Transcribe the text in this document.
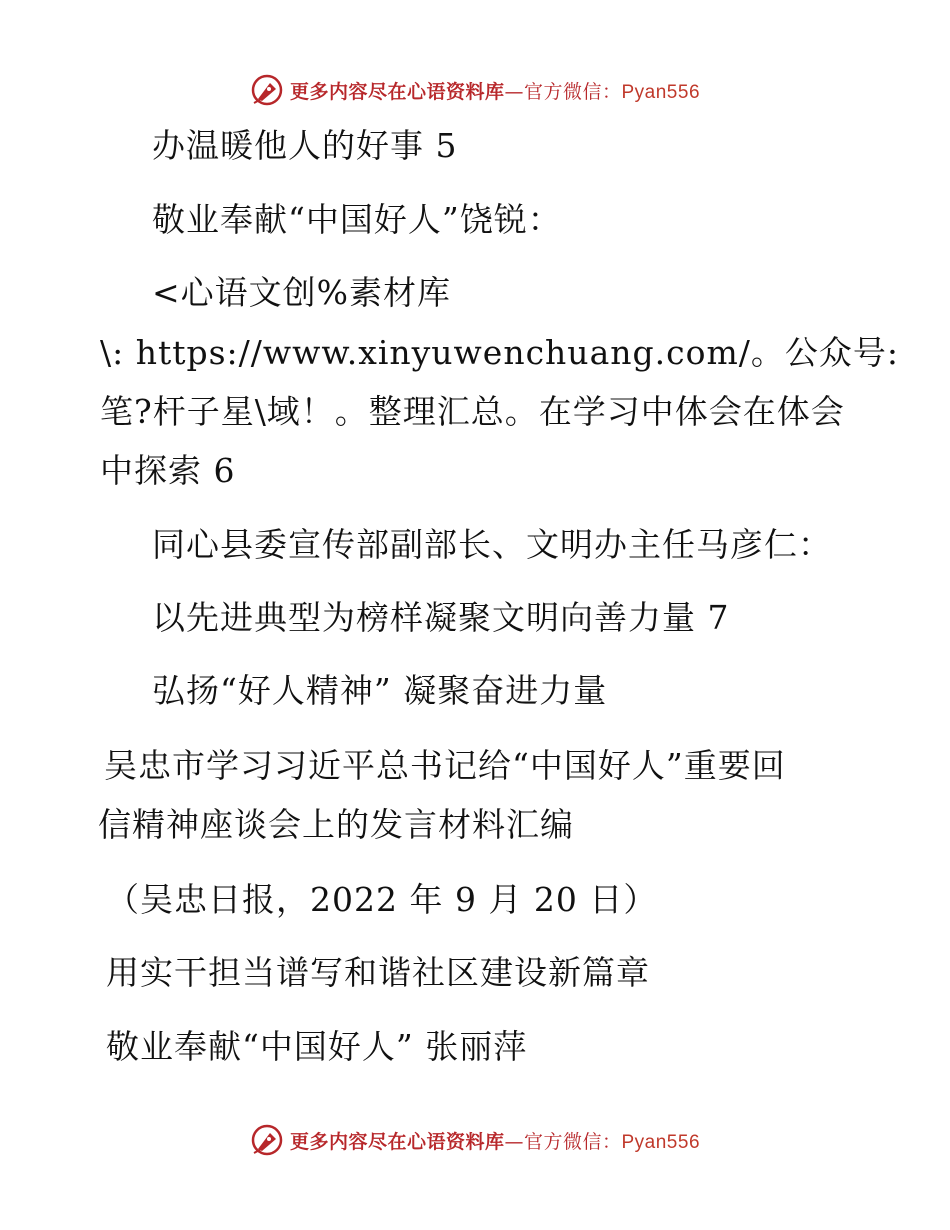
更多内容尽在心语资料库—官方微信：Pyan556
办温暖他人的好事 5
敬业奉献“中国好人”饶锐：
<心语文创%素材库
\: https://www.xinyuwenchuang.com/。公众号:
笔?杆子星\域！。整理汇总。在学习中体会在体会
中探索 6
同心县委宣传部副部长、文明办主任马彦仁：
以先进典型为榜样凝聚文明向善力量 7
弘扬“好人精神” 凝聚奋进力量
吴忠市学习习近平总书记给“中国好人”重要回
信精神座谈会上的发言材料汇编
（吴忠日报，2022 年 9 月 20 日）
用实干担当谱写和谐社区建设新篇章
敬业奉献“中国好人” 张丽萍
更多内容尽在心语资料库—官方微信：Pyan556
